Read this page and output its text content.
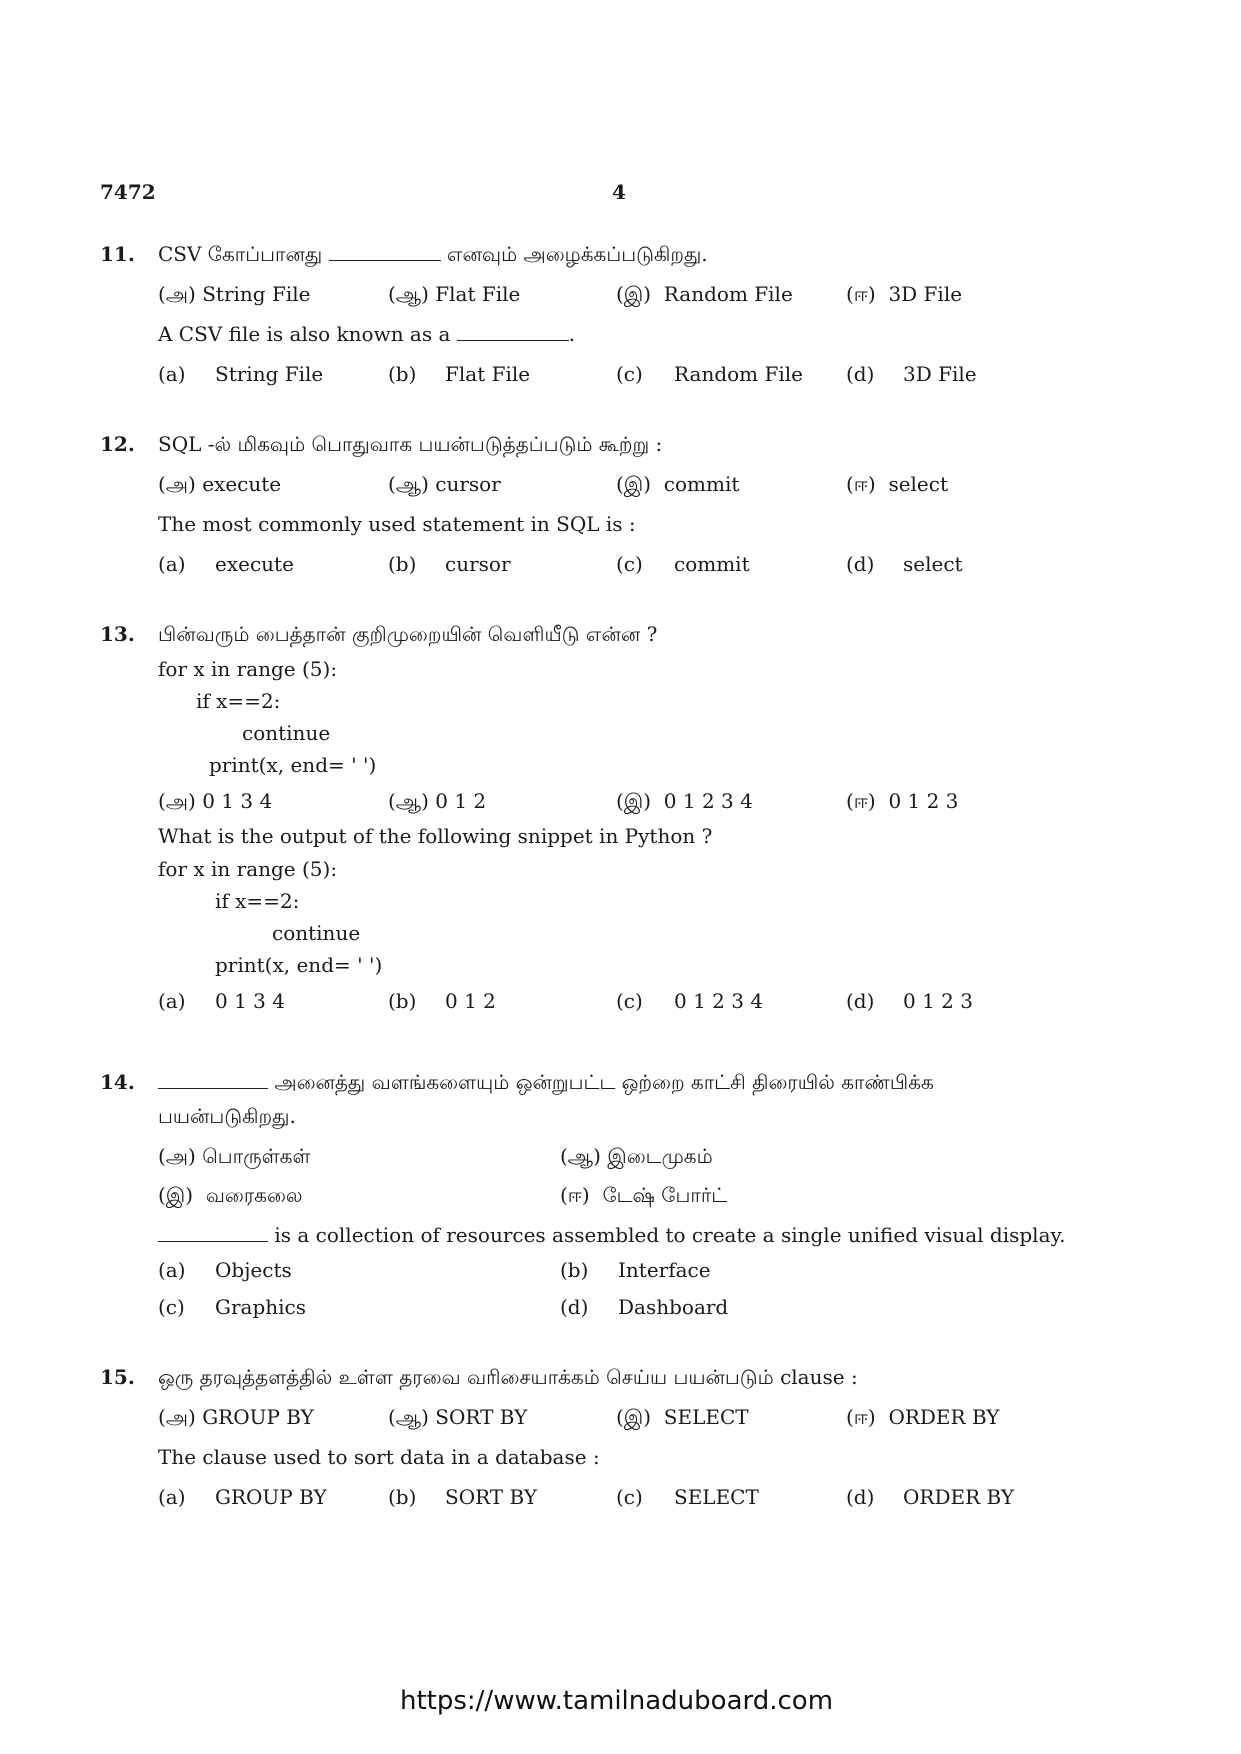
7472	4
11. CSV கோப்பானது	எனவும் அழைக்கப்படுகிறது.
(அ) String File	(ஆ) Flat File	(இ) Random File	(ஈ) 3D File
A CSV file is also known as a	.
(a) String File	(b) Flat File	(c) Random File (d) 3D File
12. SQL -ல் மிகவும் பொதுவாக பயன்படுத்தப்படும் கூற்று :
(அ) execute	(ஆ) cursor	(இ) commit	(ஈ) select
The most commonly used statement in SQL is :
(a) execute	(b) cursor	(c) commit	(d) select
13. பின்வரும் பைத்தான் குறிமுறையின் வெளியீடு என்ன ?
for x in range (5):
if x==2:
continue
print(x, end= ' ')
(அ) 0 1 3 4	(ஆ) 0 1 2	(இ) 0 1 2 3 4	(ஈ) 0 1 2 3
What is the output of the following snippet in Python ?
for x in range (5):
if x==2:
continue
print(x, end= ' ')
(a) 0 1 3 4	(b) 0 1 2	(c) 0 1 2 3 4	(d) 0 1 2 3
14.	அனைத்து வளங்களையும் ஒன்றுபட்ட ஒற்றை காட்சி திரையில் காண்பிக்க
பயன்படுகிறது.
(அ) பொருள்கள்	(ஆ) இடைமுகம்
(இ) வரைகலை	(ஈ) டேஷ் போர்ட்
is a collection of resources assembled to create a single unified visual display.
(a) Objects	(b) Interface
(c) Graphics	(d) Dashboard
15. ஒரு தரவுத்தளத்தில் உள்ள தரவை வரிசையாக்கம் செய்ய பயன்படும் clause :
(அ) GROUP BY	(ஆ) SORT BY	(இ) SELECT	(ஈ) ORDER BY
The clause used to sort data in a database :
(a) GROUP BY	(b) SORT BY	(c) SELECT	(d) ORDER BY
https://www.tamilnaduboard.com
